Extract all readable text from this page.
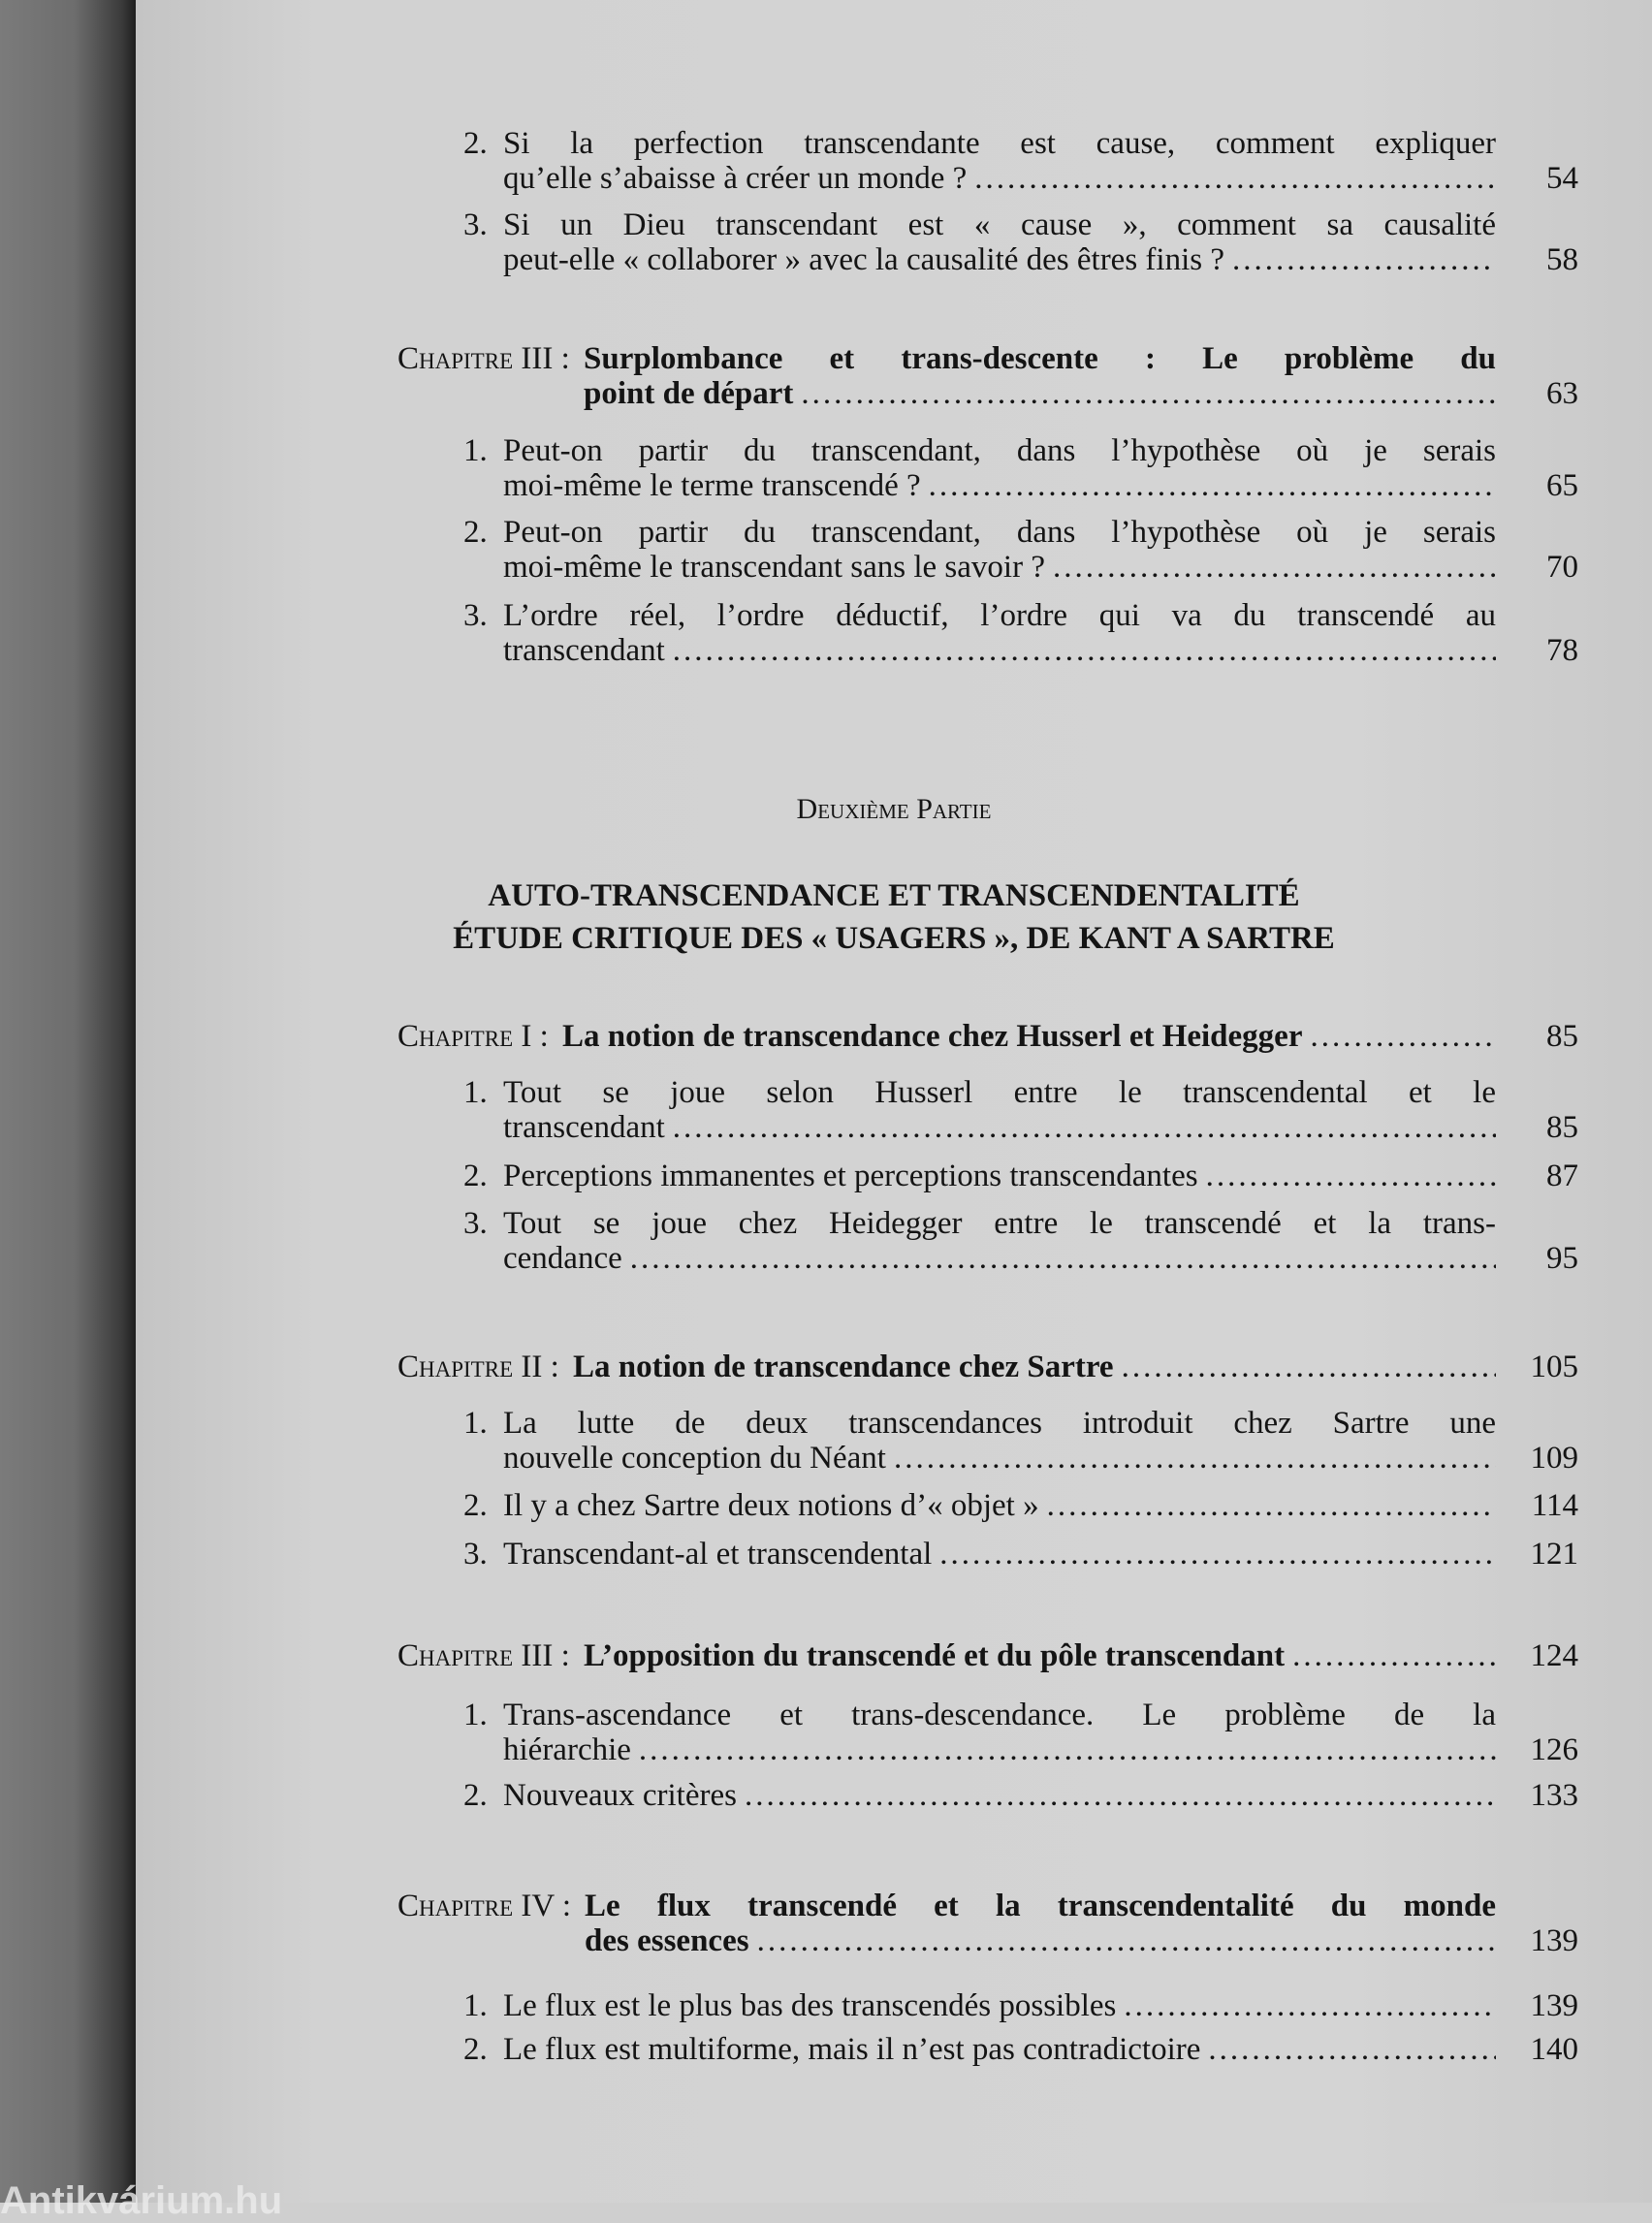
2. Si la perfection transcendante est cause, comment expliquer
qu’elle s’abaisse à créer un monde ? .....	54
3. Si un Dieu transcendant est « cause », comment sa causalité
peut-elle « collaborer » avec la causalité des êtres finis ? .....	58
Chapitre III : Surplombance et trans-descente : Le problème du
point de départ .....	63
1. Peut-on partir du transcendant, dans l’hypothèse où je serais
moi-même le terme transcendé ? .....	65
2. Peut-on partir du transcendant, dans l’hypothèse où je serais
moi-même le transcendant sans le savoir ? .....	70
3. L’ordre réel, l’ordre déductif, l’ordre qui va du transcendé au
transcendant .....	78
Chapitre I : La notion de transcendance chez Husserl et Heidegger .....	85
1. Tout se joue selon Husserl entre le transcendental et le
transcendant .....	85
2. Perceptions immanentes et perceptions transcendantes .....	87
3. Tout se joue chez Heidegger entre le transcendé et la trans-
cendance .....	95
Chapitre II : La notion de transcendance chez Sartre .....	105
1. La lutte de deux transcendances introduit chez Sartre une
nouvelle conception du Néant .....	109
2. Il y a chez Sartre deux notions d’« objet » .....	114
3. Transcendant-al et transcendental .....	121
Chapitre III : L’opposition du transcendé et du pôle transcendant .....	124
1. Trans-ascendance et trans-descendance. Le problème de la
hiérarchie .....	126
2. Nouveaux critères .....	133
Chapitre IV : Le flux transcendé et la transcendentalité du monde
des essences .....	139
1. Le flux est le plus bas des transcendés possibles .....	139
2. Le flux est multiforme, mais il n’est pas contradictoire .....	140
Deuxième Partie
AUTO-TRANSCENDANCE ET TRANSCENDENTALITÉ
ÉTUDE CRITIQUE DES « USAGERS », DE KANT A SARTRE
Antikvárium.hu
